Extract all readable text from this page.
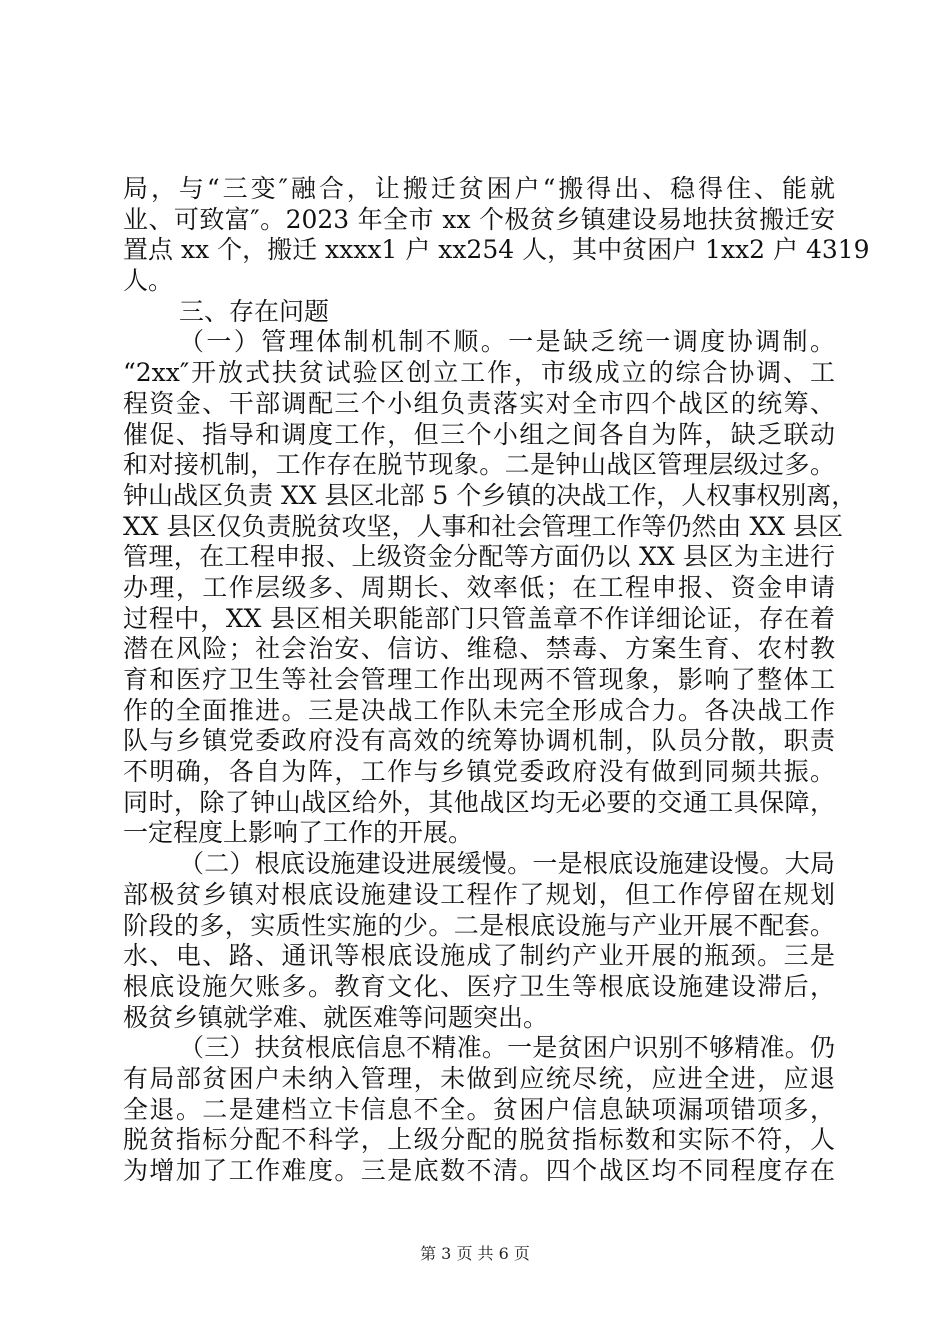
局，与“三变″融合，让搬迁贫困户“搬得出、稳得住、能就
业、可致富″。2023 年全市 xx 个极贫乡镇建设易地扶贫搬迁安
置点 xx 个，搬迁 xxxx1 户 xx254 人，其中贫困户 1xx2 户 4319
人。
三、存在问题
（一）管理体制机制不顺。一是缺乏统一调度协调制。
“2xx″开放式扶贫试验区创立工作，市级成立的综合协调、工
程资金、干部调配三个小组负责落实对全市四个战区的统筹、
催促、指导和调度工作，但三个小组之间各自为阵，缺乏联动
和对接机制，工作存在脱节现象。二是钟山战区管理层级过多。
钟山战区负责 XX 县区北部 5 个乡镇的决战工作，人权事权别离，
XX 县区仅负责脱贫攻坚，人事和社会管理工作等仍然由 XX 县区
管理，在工程申报、上级资金分配等方面仍以 XX 县区为主进行
办理，工作层级多、周期长、效率低；在工程申报、资金申请
过程中，XX 县区相关职能部门只管盖章不作详细论证，存在着
潜在风险；社会治安、信访、维稳、禁毒、方案生育、农村教
育和医疗卫生等社会管理工作出现两不管现象，影响了整体工
作的全面推进。三是决战工作队未完全形成合力。各决战工作
队与乡镇党委政府没有高效的统筹协调机制，队员分散，职责
不明确，各自为阵，工作与乡镇党委政府没有做到同频共振。
同时，除了钟山战区给外，其他战区均无必要的交通工具保障，
一定程度上影响了工作的开展。
（二）根底设施建设进展缓慢。一是根底设施建设慢。大局
部极贫乡镇对根底设施建设工程作了规划，但工作停留在规划
阶段的多，实质性实施的少。二是根底设施与产业开展不配套。
水、电、路、通讯等根底设施成了制约产业开展的瓶颈。三是
根底设施欠账多。教育文化、医疗卫生等根底设施建设滞后，
极贫乡镇就学难、就医难等问题突出。
（三）扶贫根底信息不精准。一是贫困户识别不够精准。仍
有局部贫困户未纳入管理，未做到应统尽统，应进全进，应退
全退。二是建档立卡信息不全。贫困户信息缺项漏项错项多，
脱贫指标分配不科学，上级分配的脱贫指标数和实际不符，人
为增加了工作难度。三是底数不清。四个战区均不同程度存在
第 3 页 共 6 页
